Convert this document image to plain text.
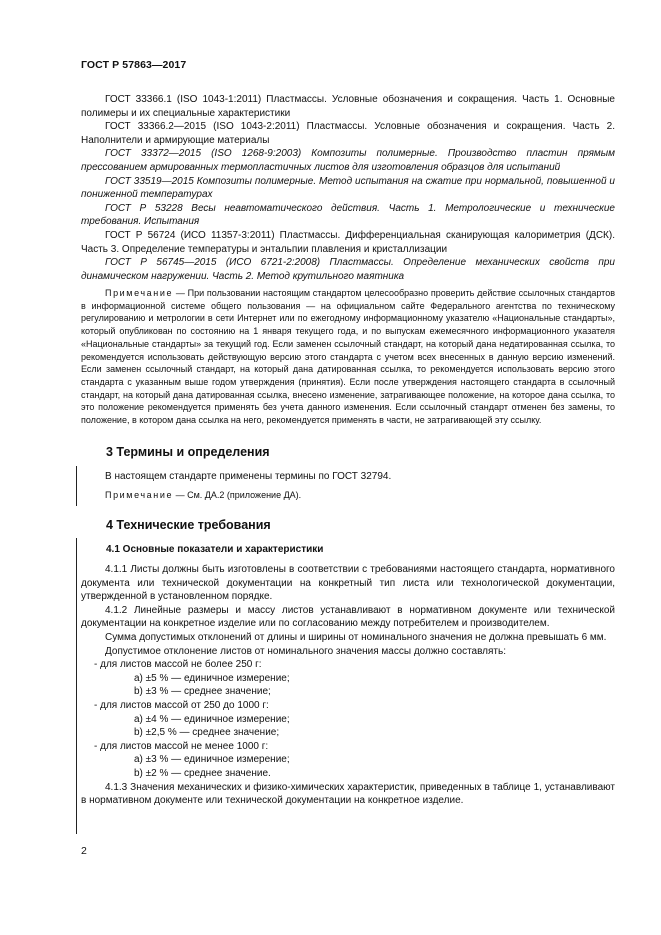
ГОСТ Р 57863—2017

ГОСТ 33366.1 (ISO 1043-1:2011) Пластмассы. Условные обозначения и сокращения. Часть 1. Основные полимеры и их специальные характеристики

ГОСТ 33366.2—2015 (ISO 1043-2:2011) Пластмассы. Условные обозначения и сокращения. Часть 2. Наполнители и армирующие материалы

ГОСТ 33372—2015 (ISO 1268-9:2003) Композиты полимерные. Производство пластин прямым прессованием армированных термопластичных листов для изготовления образцов для испытаний

ГОСТ 33519—2015 Композиты полимерные. Метод испытания на сжатие при нормальной, повышенной и пониженной температурах

ГОСТ Р 53228 Весы неавтоматического действия. Часть 1. Метрологические и технические требования. Испытания

ГОСТ Р 56724 (ИСО 11357-3:2011) Пластмассы. Дифференциальная сканирующая калориметрия (ДСК). Часть 3. Определение температуры и энтальпии плавления и кристаллизации

ГОСТ Р 56745—2015 (ИСО 6721-2:2008) Пластмассы. Определение механических свойств при динамическом нагружении. Часть 2. Метод крутильного маятника

Примечание — При пользовании настоящим стандартом целесообразно проверить действие ссылочных стандартов в информационной системе общего пользования — на официальном сайте Федерального агентства по техническому регулированию и метрологии в сети Интернет или по ежегодному информационному указателю «Национальные стандарты», который опубликован по состоянию на 1 января текущего года, и по выпускам ежемесячного информационного указателя «Национальные стандарты» за текущий год. Если заменен ссылочный стандарт, на который дана недатированная ссылка, то рекомендуется использовать действующую версию этого стандарта с учетом всех внесенных в данную версию изменений. Если заменен ссылочный стандарт, на который дана датированная ссылка, то рекомендуется использовать версию этого стандарта с указанным выше годом утверждения (принятия). Если после утверждения настоящего стандарта в ссылочный стандарт, на который дана датированная ссылка, внесено изменение, затрагивающее положение, на которое дана ссылка, то это положение рекомендуется применять без учета данного изменения. Если ссылочный стандарт отменен без замены, то положение, в котором дана ссылка на него, рекомендуется применять в части, не затрагивающей эту ссылку.

3 Термины и определения

В настоящем стандарте применены термины по ГОСТ 32794.

Примечание — См. ДА.2 (приложение ДА).

4 Технические требования
4.1 Основные показатели и характеристики

4.1.1 Листы должны быть изготовлены в соответствии с требованиями настоящего стандарта, нормативного документа или технической документации на конкретный тип листа или технологической документации, утвержденной в установленном порядке.

4.1.2 Линейные размеры и массу листов устанавливают в нормативном документе или технической документации на конкретное изделие или по согласованию между потребителем и производителем.

Сумма допустимых отклонений от длины и ширины от номинального значения не должна превышать 6 мм.

Допустимое отклонение листов от номинального значения массы должно составлять:

- для листов массой не более 250 г:

а) ±5 % — единичное измерение;

b) ±3 % — среднее значение;

- для листов массой от 250 до 1000 г:

а) ±4 % — единичное измерение;

b) ±2,5 % — среднее значение;

- для листов массой не менее 1000 г:

а) ±3 % — единичное измерение;

b) ±2 % — среднее значение.

4.1.3 Значения механических и физико-химических характеристик, приведенных в таблице 1, устанавливают в нормативном документе или технической документации на конкретное изделие.

2
